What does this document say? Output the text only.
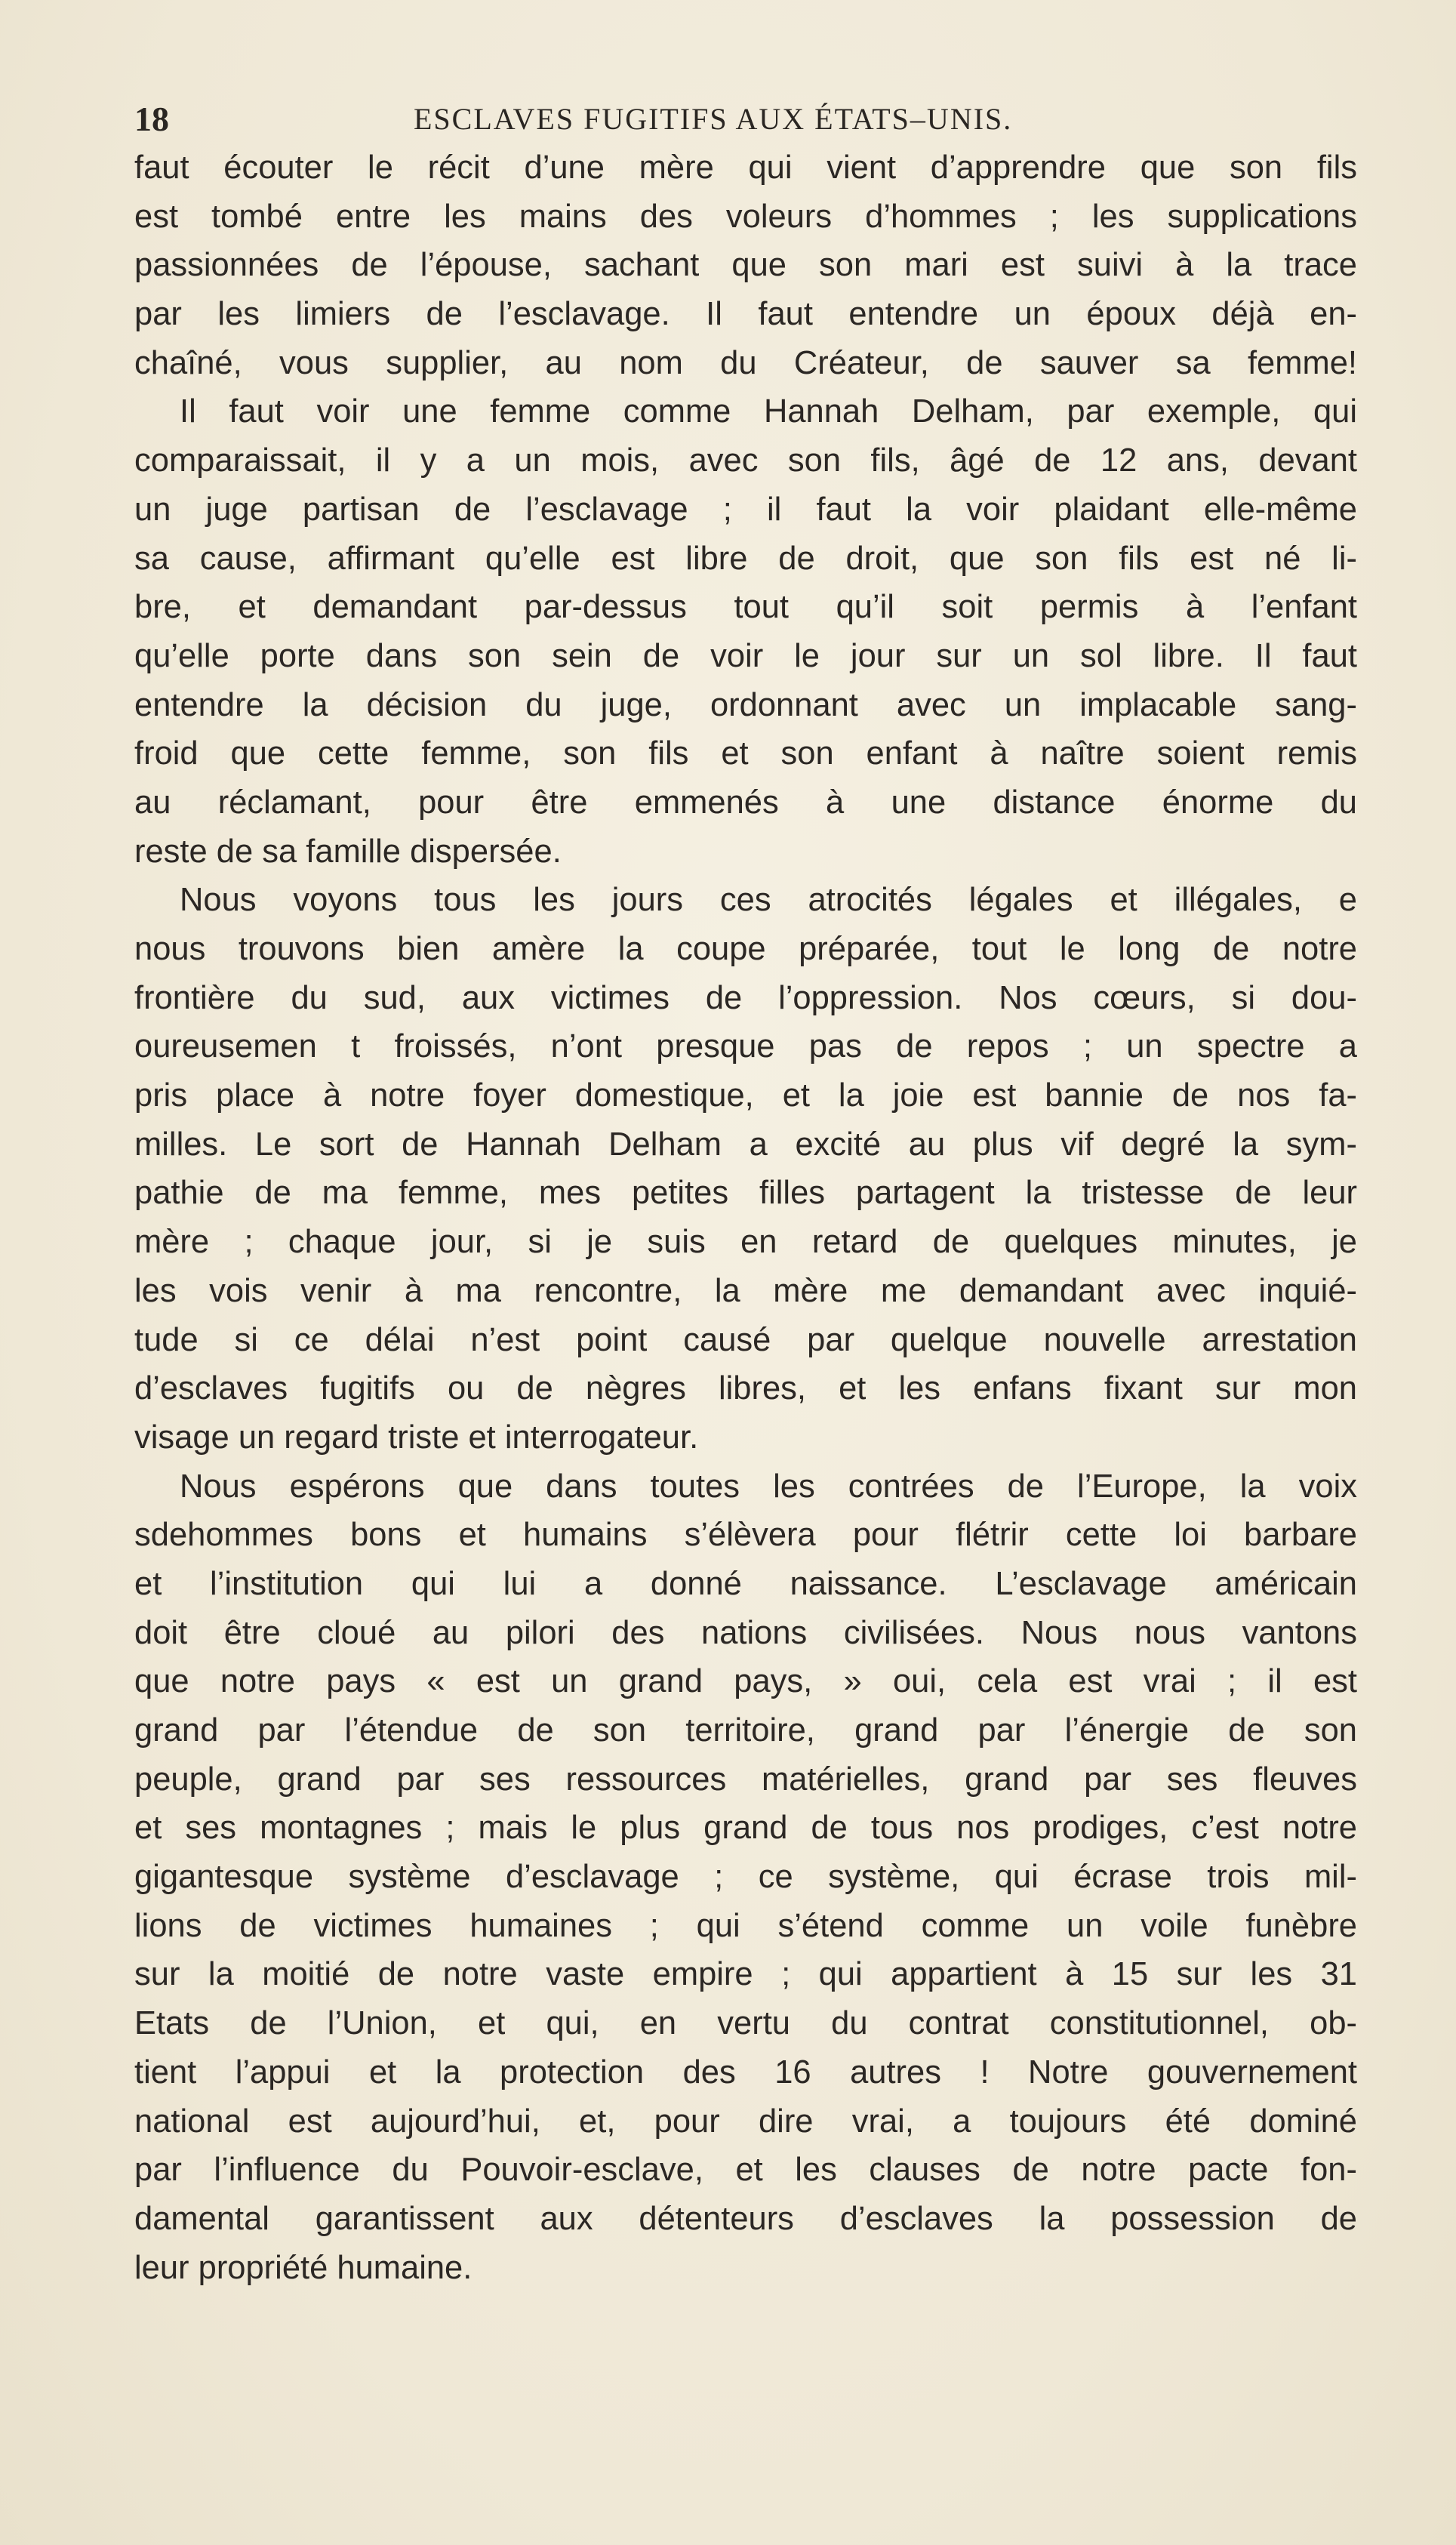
18	ESCLAVES FUGITIFS AUX ÉTATS–UNIS.
faut écouter le récit d’une mère qui vient d’apprendre que son fils
est tombé entre les mains des voleurs d’hommes ; les supplications
passionnées de l’épouse, sachant que son mari est suivi à la trace
par les limiers de l’esclavage. Il faut entendre un époux déjà en-
chaîné, vous supplier, au nom du Créateur, de sauver sa femme!
Il faut voir une femme comme Hannah Delham, par exemple, qui
comparaissait, il y a un mois, avec son fils, âgé de 12 ans, devant
un juge partisan de l’esclavage ; il faut la voir plaidant elle-même
sa cause, affirmant qu’elle est libre de droit, que son fils est né li-
bre, et demandant par-dessus tout qu’il soit permis à l’enfant
qu’elle porte dans son sein de voir le jour sur un sol libre. Il faut
entendre la décision du juge, ordonnant avec un implacable sang-
froid que cette femme, son fils et son enfant à naître soient remis
au réclamant, pour être emmenés à une distance énorme du
reste de sa famille dispersée.
Nous voyons tous les jours ces atrocités légales et illégales, e
nous trouvons bien amère la coupe préparée, tout le long de notre
frontière du sud, aux victimes de l’oppression. Nos cœurs, si dou-
oureusemen t froissés, n’ont presque pas de repos ; un spectre a
pris place à notre foyer domestique, et la joie est bannie de nos fa-
milles. Le sort de Hannah Delham a excité au plus vif degré la sym-
pathie de ma femme, mes petites filles partagent la tristesse de leur
mère ; chaque jour, si je suis en retard de quelques minutes, je
les vois venir à ma rencontre, la mère me demandant avec inquié-
tude si ce délai n’est point causé par quelque nouvelle arrestation
d’esclaves fugitifs ou de nègres libres, et les enfans fixant sur mon
visage un regard triste et interrogateur.
Nous espérons que dans toutes les contrées de l’Europe, la voix
sdehommes bons et humains s’élèvera pour flétrir cette loi barbare
et l’institution qui lui a donné naissance. L’esclavage américain
doit être cloué au pilori des nations civilisées. Nous nous vantons
que notre pays « est un grand pays, » oui, cela est vrai ; il est
grand par l’étendue de son territoire, grand par l’énergie de son
peuple, grand par ses ressources matérielles, grand par ses fleuves
et ses montagnes ; mais le plus grand de tous nos prodiges, c’est notre
gigantesque système d’esclavage ; ce système, qui écrase trois mil-
lions de victimes humaines ; qui s’étend comme un voile funèbre
sur la moitié de notre vaste empire ; qui appartient à 15 sur les 31
Etats de l’Union, et qui, en vertu du contrat constitutionnel, ob-
tient l’appui et la protection des 16 autres ! Notre gouvernement
national est aujourd’hui, et, pour dire vrai, a toujours été dominé
par l’influence du Pouvoir-esclave, et les clauses de notre pacte fon-
damental garantissent aux détenteurs d’esclaves la possession de
leur propriété humaine.
